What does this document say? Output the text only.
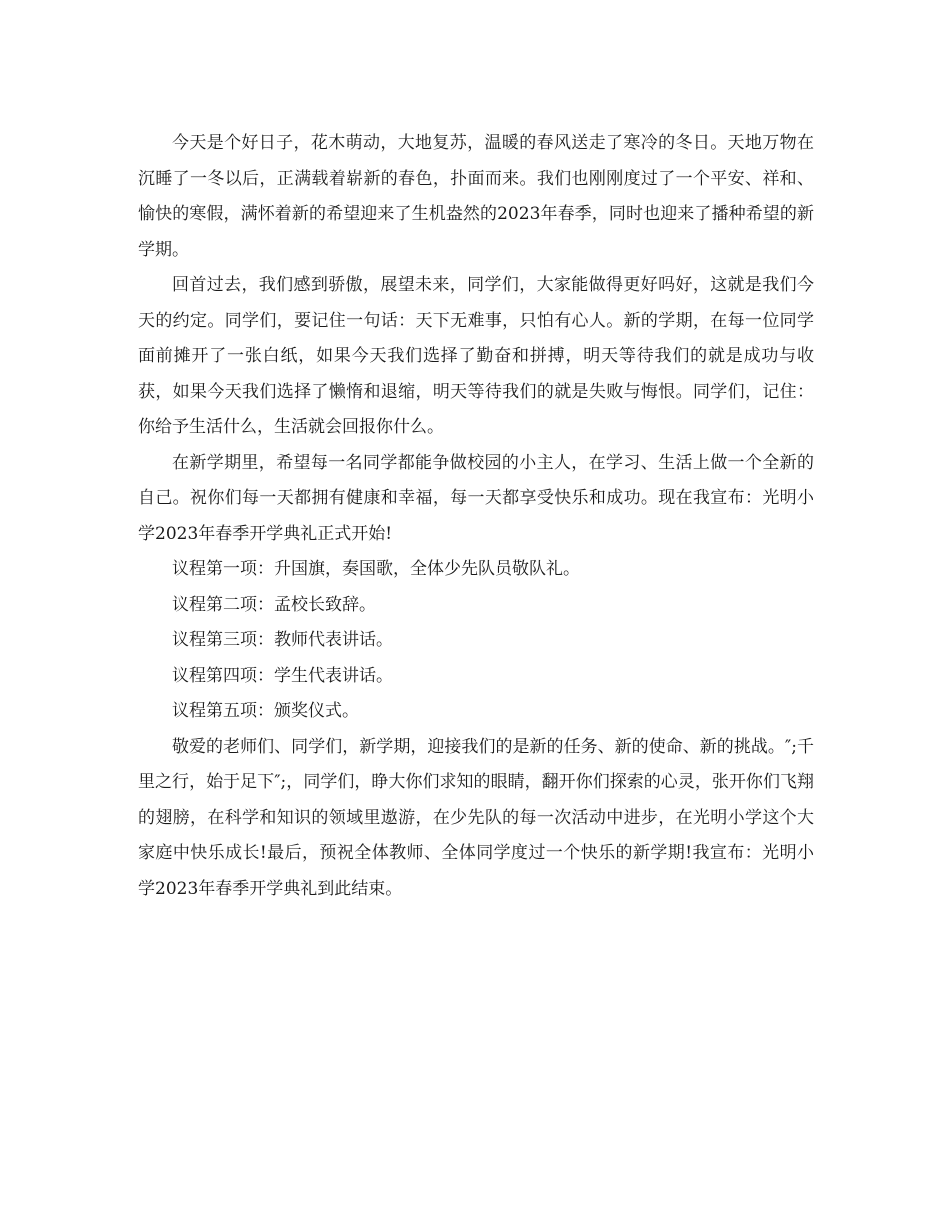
今天是个好日子，花木萌动，大地复苏，温暖的春风送走了寒冷的冬日。天地万物在沉睡了一冬以后，正满载着崭新的春色，扑面而来。我们也刚刚度过了一个平安、祥和、愉快的寒假，满怀着新的希望迎来了生机盎然的2023年春季，同时也迎来了播种希望的新学期。

回首过去，我们感到骄傲，展望未来，同学们，大家能做得更好吗好，这就是我们今天的约定。同学们，要记住一句话：天下无难事，只怕有心人。新的学期，在每一位同学面前摊开了一张白纸，如果今天我们选择了勤奋和拼搏，明天等待我们的就是成功与收获，如果今天我们选择了懒惰和退缩，明天等待我们的就是失败与悔恨。同学们，记住：你给予生活什么，生活就会回报你什么。

在新学期里，希望每一名同学都能争做校园的小主人，在学习、生活上做一个全新的自己。祝你们每一天都拥有健康和幸福，每一天都享受快乐和成功。现在我宣布：光明小学2023年春季开学典礼正式开始!

议程第一项：升国旗，奏国歌，全体少先队员敬队礼。

议程第二项：孟校长致辞。

议程第三项：教师代表讲话。

议程第四项：学生代表讲话。

议程第五项：颁奖仪式。

敬爱的老师们、同学们，新学期，迎接我们的是新的任务、新的使命、新的挑战。″;千里之行，始于足下″;，同学们，睁大你们求知的眼睛，翻开你们探索的心灵，张开你们飞翔的翅膀，在科学和知识的领域里遨游，在少先队的每一次活动中进步，在光明小学这个大家庭中快乐成长!最后，预祝全体教师、全体同学度过一个快乐的新学期!我宣布：光明小学2023年春季开学典礼到此结束。
